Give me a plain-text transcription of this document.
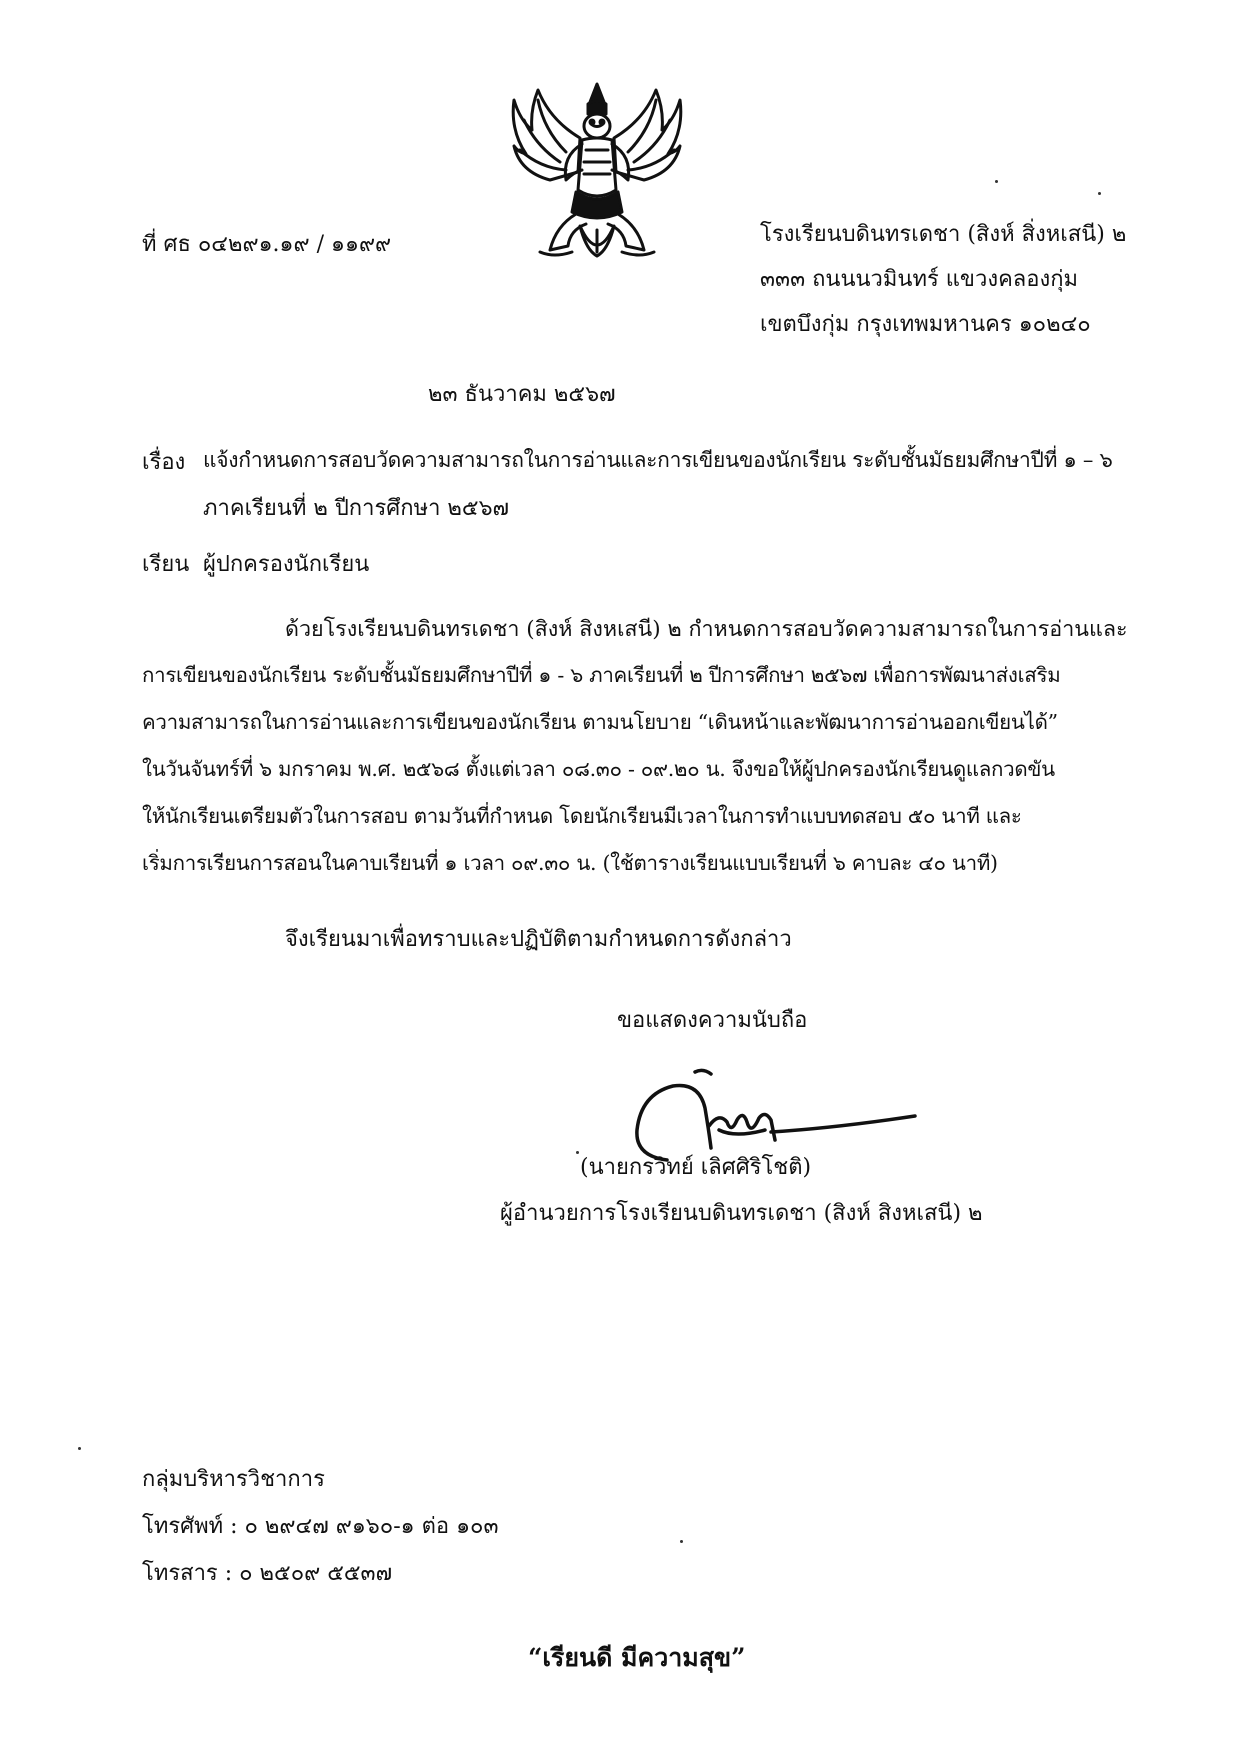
ที่ ศธ ๐๔๒๙๑.๑๙ / ๑๑๙๙	โรงเรียนบดินทรเดชา (สิงห์ สิ่งหเสนี) ๒
๓๓๓ ถนนนวมินทร์ แขวงคลองกุ่ม
เขตบึงกุ่ม กรุงเทพมหานคร ๑๐๒๔๐
๒๓ ธันวาคม ๒๕๖๗
เรื่อง แจ้งกำหนดการสอบวัดความสามารถในการอ่านและการเขียนของนักเรียน ระดับชั้นมัธยมศึกษาปีที่ ๑ – ๖
ภาคเรียนที่ ๒ ปีการศึกษา ๒๕๖๗
เรียน ผู้ปกครองนักเรียน
ด้วยโรงเรียนบดินทรเดชา (สิงห์ สิงหเสนี) ๒ กำหนดการสอบวัดความสามารถในการอ่านและ
การเขียนของนักเรียน ระดับชั้นมัธยมศึกษาปีที่ ๑ - ๖ ภาคเรียนที่ ๒ ปีการศึกษา ๒๕๖๗ เพื่อการพัฒนาส่งเสริม
ความสามารถในการอ่านและการเขียนของนักเรียน ตามนโยบาย “เดินหน้าและพัฒนาการอ่านออกเขียนได้”
ในวันจันทร์ที่ ๖ มกราคม พ.ศ. ๒๕๖๘ ตั้งแต่เวลา ๐๘.๓๐ - ๐๙.๒๐ น. จึงขอให้ผู้ปกครองนักเรียนดูแลกวดขัน
ให้นักเรียนเตรียมตัวในการสอบ ตามวันที่กำหนด โดยนักเรียนมีเวลาในการทำแบบทดสอบ ๕๐ นาที และ
เริ่มการเรียนการสอนในคาบเรียนที่ ๑ เวลา ๐๙.๓๐ น. (ใช้ตารางเรียนแบบเรียนที่ ๖ คาบละ ๔๐ นาที)
จึงเรียนมาเพื่อทราบและปฏิบัติตามกำหนดการดังกล่าว
ขอแสดงความนับถือ
(นายกรวิทย์ เลิศศิริโชติ)
ผู้อำนวยการโรงเรียนบดินทรเดชา (สิงห์ สิงหเสนี) ๒
กลุ่มบริหารวิชาการ
โทรศัพท์ : ๐ ๒๙๔๗ ๙๑๖๐-๑ ต่อ ๑๐๓
โทรสาร : ๐ ๒๕๐๙ ๕๕๓๗
“เรียนดี มีความสุข”
